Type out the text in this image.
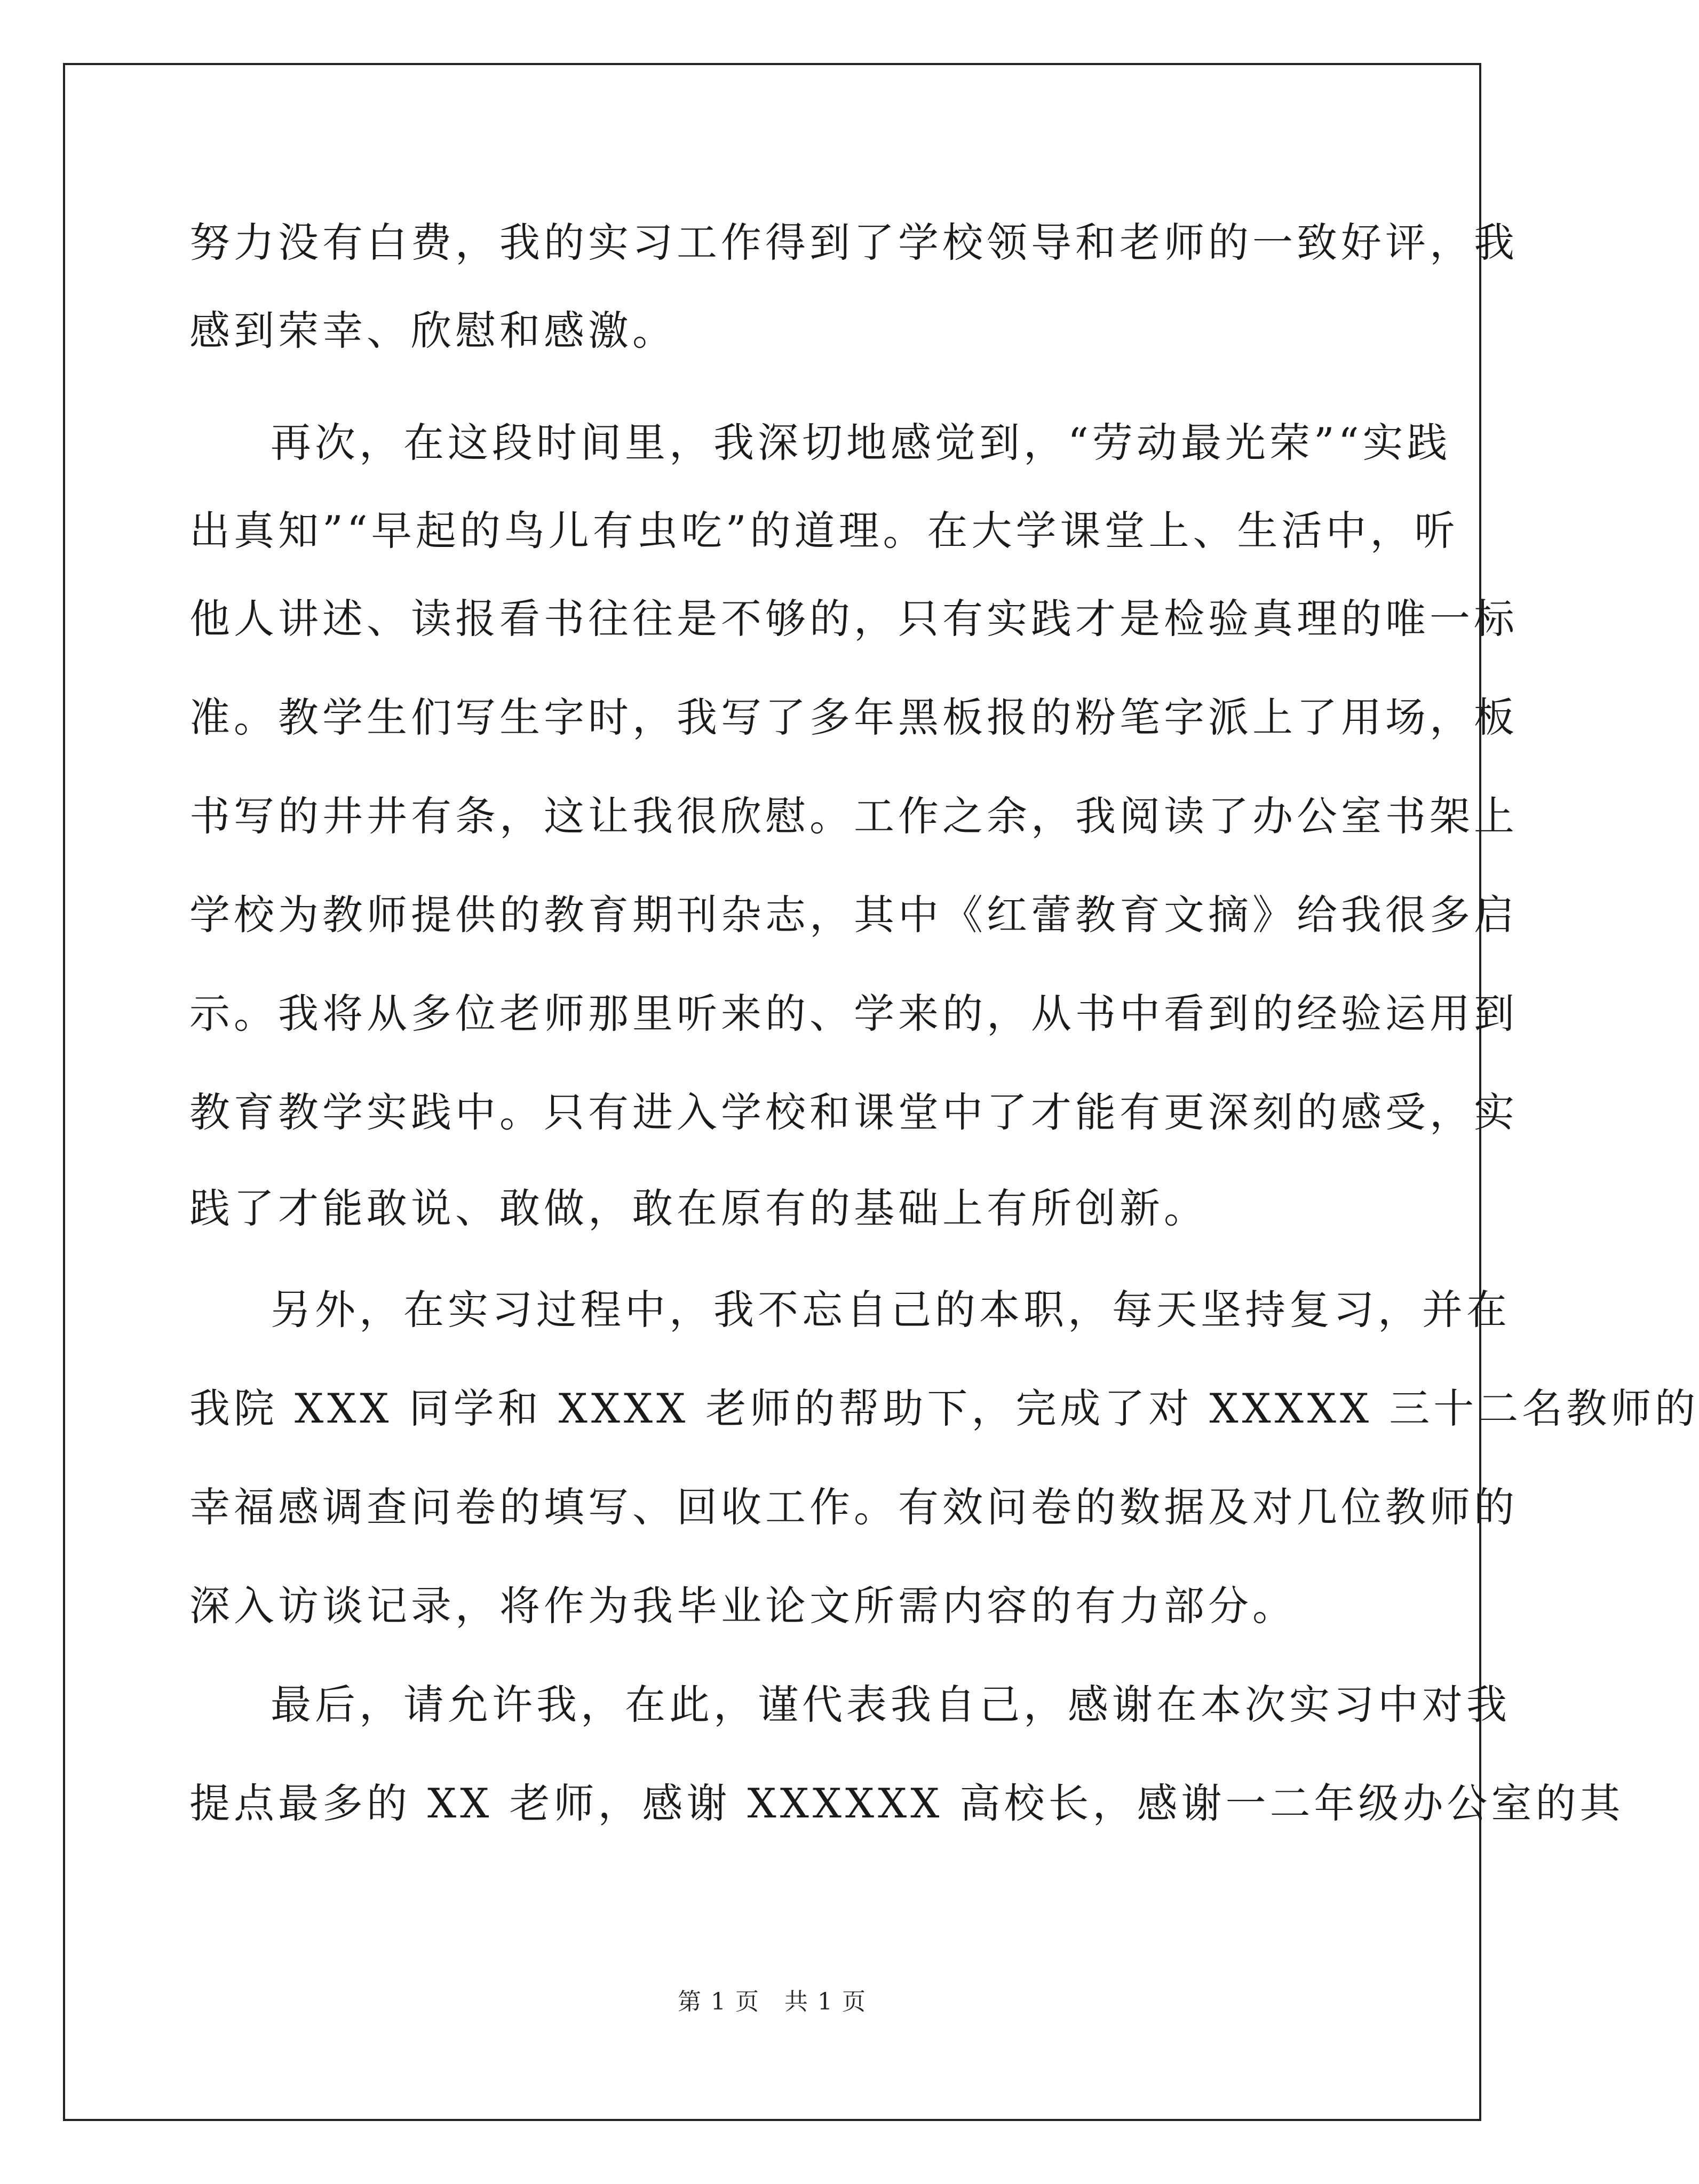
努力没有白费，我的实习工作得到了学校领导和老师的一致好评，我
感到荣幸、欣慰和感激。
再次，在这段时间里，我深切地感觉到，“劳动最光荣”“实践
出真知”“早起的鸟儿有虫吃”的道理。在大学课堂上、生活中，听
他人讲述、读报看书往往是不够的，只有实践才是检验真理的唯一标
准。教学生们写生字时，我写了多年黑板报的粉笔字派上了用场，板
书写的井井有条，这让我很欣慰。工作之余，我阅读了办公室书架上
学校为教师提供的教育期刊杂志，其中《红蕾教育文摘》给我很多启
示。我将从多位老师那里听来的、学来的，从书中看到的经验运用到
教育教学实践中。只有进入学校和课堂中了才能有更深刻的感受，实
践了才能敢说、敢做，敢在原有的基础上有所创新。
另外，在实习过程中，我不忘自己的本职，每天坚持复习，并在
我院 XXX 同学和 XXXX 老师的帮助下，完成了对 XXXXX 三十二名教师的
幸福感调查问卷的填写、回收工作。有效问卷的数据及对几位教师的
深入访谈记录，将作为我毕业论文所需内容的有力部分。
最后，请允许我，在此，谨代表我自己，感谢在本次实习中对我
提点最多的 XX 老师，感谢 XXXXXX 高校长，感谢一二年级办公室的其
第 1 页　共 1 页
